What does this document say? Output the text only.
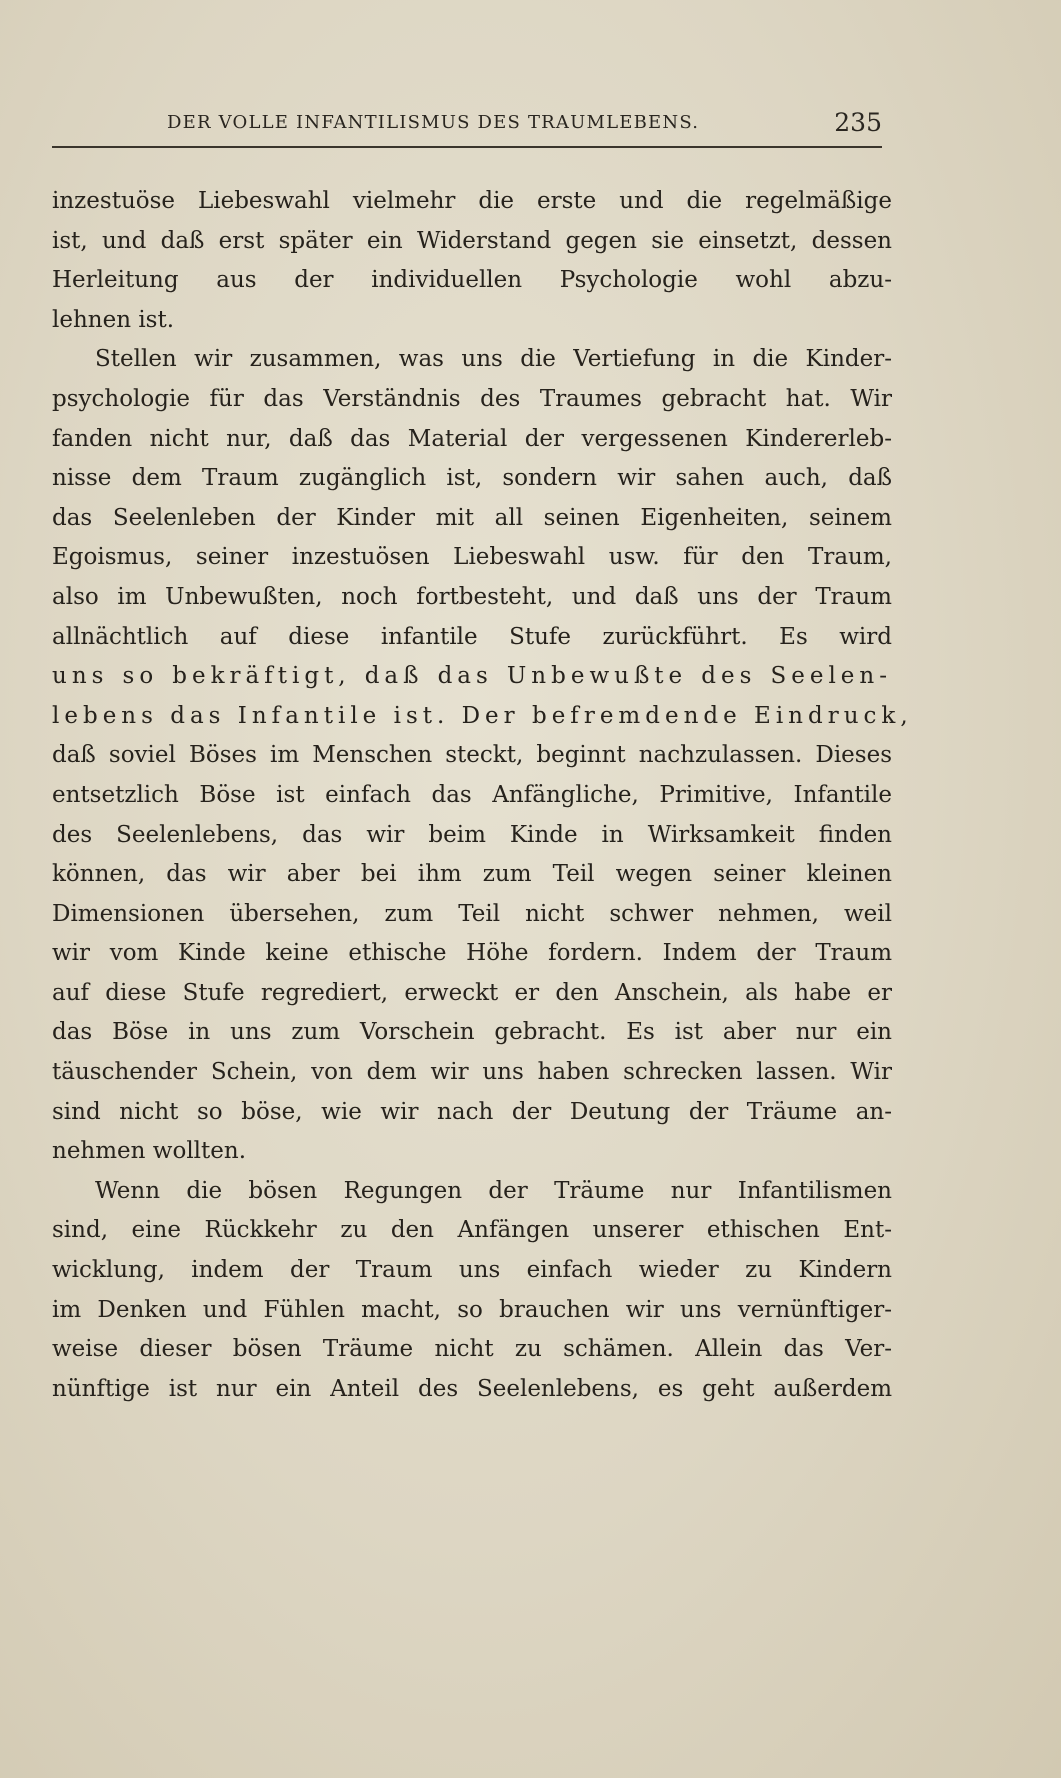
DER VOLLE INFANTILISMUS DES TRAUMLEBENS.	235
inzestuöse Liebeswahl vielmehr die erste und die regelmäßige
ist, und daß erst später ein Widerstand gegen sie einsetzt, dessen
Herleitung aus der individuellen Psychologie wohl abzu-
lehnen ist.
Stellen wir zusammen, was uns die Vertiefung in die Kinder-
psychologie für das Verständnis des Traumes gebracht hat. Wir
fanden nicht nur, daß das Material der vergessenen Kindererleb-
nisse dem Traum zugänglich ist, sondern wir sahen auch, daß
das Seelenleben der Kinder mit all seinen Eigenheiten, seinem
Egoismus, seiner inzestuösen Liebeswahl usw. für den Traum,
also im Unbewußten, noch fortbesteht, und daß uns der Traum
allnächtlich auf diese infantile Stufe zurückführt. Es wird
uns so bekräftigt, daß das Unbewußte des Seelen-
lebens das Infantile ist. Der befremdende Eindruck,
daß soviel Böses im Menschen steckt, beginnt nachzulassen. Dieses
entsetzlich Böse ist einfach das Anfängliche, Primitive, Infantile
des Seelenlebens, das wir beim Kinde in Wirksamkeit finden
können, das wir aber bei ihm zum Teil wegen seiner kleinen
Dimensionen übersehen, zum Teil nicht schwer nehmen, weil
wir vom Kinde keine ethische Höhe fordern. Indem der Traum
auf diese Stufe regrediert, erweckt er den Anschein, als habe er
das Böse in uns zum Vorschein gebracht. Es ist aber nur ein
täuschender Schein, von dem wir uns haben schrecken lassen. Wir
sind nicht so böse, wie wir nach der Deutung der Träume an-
nehmen wollten.
Wenn die bösen Regungen der Träume nur Infantilismen
sind, eine Rückkehr zu den Anfängen unserer ethischen Ent-
wicklung, indem der Traum uns einfach wieder zu Kindern
im Denken und Fühlen macht, so brauchen wir uns vernünftiger-
weise dieser bösen Träume nicht zu schämen. Allein das Ver-
nünftige ist nur ein Anteil des Seelenlebens, es geht außerdem
